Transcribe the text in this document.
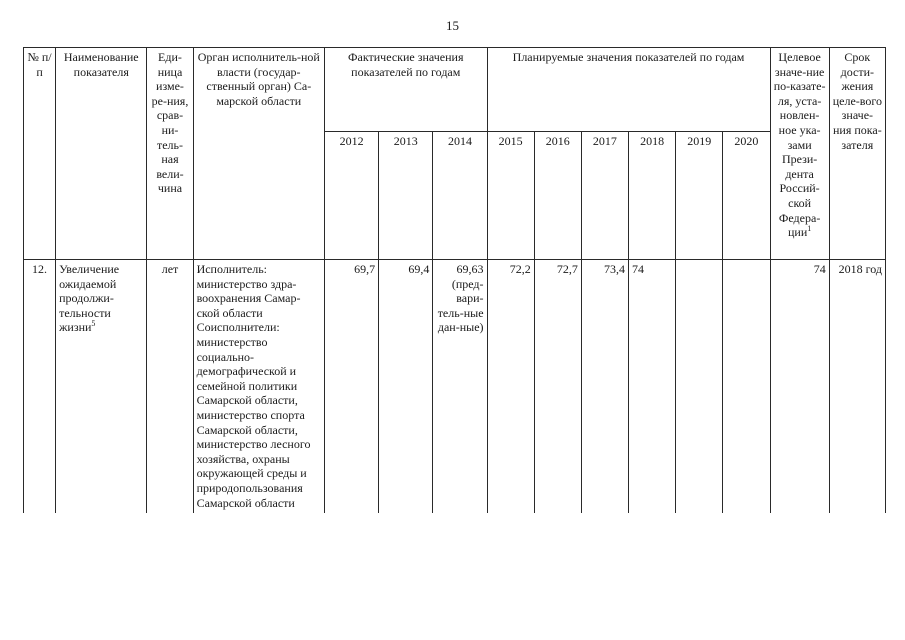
15
№ п/п	Наименование показателя	Еди-ница изме-ре-ния, срав-ни-тель-ная вели-чина	Орган исполнитель-ной власти (государ-ственный орган) Са-марской области	Фактические значения показателей по годам			Планируемые значения показателей по годам						Целевое значе-ние по-казате-ля, уста-новлен-ное ука-зами Прези-дента Россий-ской Федера-ции$^1$	Срок дости-жения целе-вого значе-ния пока-зателя
				2012	2013	2014	2015	2016	2017	2018	2019	2020		
12.	Увеличение ожидаемой продолжи-тельности жизни$^5$	лет	Исполнитель: министерство здра-воохранения Самар-ской области Соисполнители: министерство социально-демографической и семейной политики Самарской области, министерство спорта Самарской области, министерство лесного хозяйства, охраны окружающей среды и природопользования Самарской области	69,7	69,4	69,63 (пред-вари-тель-ные дан-ные)	72,2	72,7	73,4	74			74	2018 год
